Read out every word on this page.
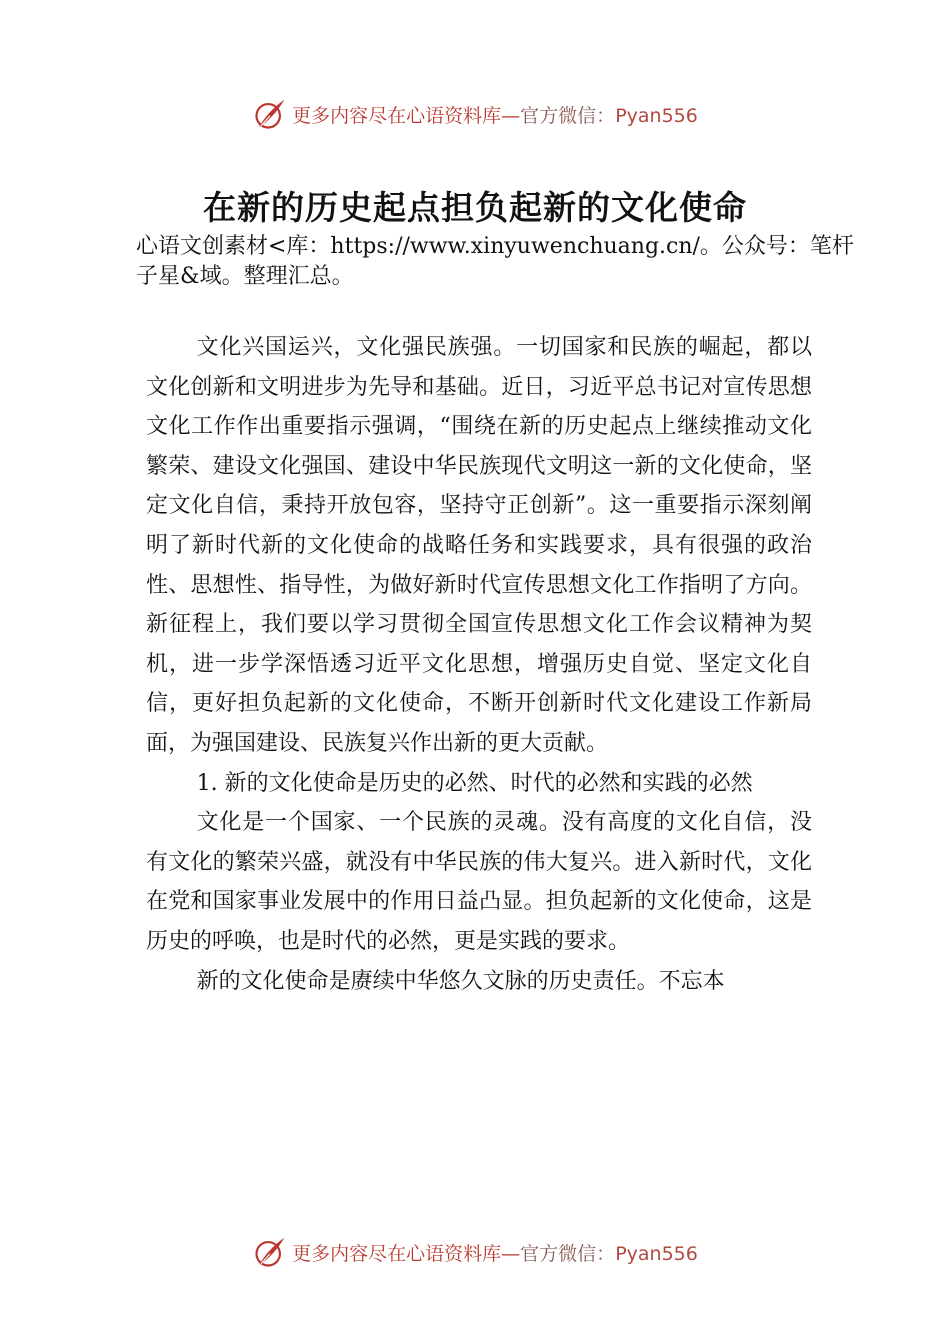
更多内容尽在心语资料库—官方微信：Pyan556
在新的历史起点担负起新的文化使命

心语文创素材<库：https://www.xinyuwenchuang.cn/。公众号：笔杆子星&域。整理汇总。

文化兴国运兴，文化强民族强。一切国家和民族的崛起，都以文化创新和文明进步为先导和基础。近日，习近平总书记对宣传思想文化工作作出重要指示强调，“围绕在新的历史起点上继续推动文化繁荣、建设文化强国、建设中华民族现代文明这一新的文化使命，坚定文化自信，秉持开放包容，坚持守正创新”。这一重要指示深刻阐明了新时代新的文化使命的战略任务和实践要求，具有很强的政治性、思想性、指导性，为做好新时代宣传思想文化工作指明了方向。新征程上，我们要以学习贯彻全国宣传思想文化工作会议精神为契机，进一步学深悟透习近平文化思想，增强历史自觉、坚定文化自信，更好担负起新的文化使命，不断开创新时代文化建设工作新局面，为强国建设、民族复兴作出新的更大贡献。

1. 新的文化使命是历史的必然、时代的必然和实践的必然

文化是一个国家、一个民族的灵魂。没有高度的文化自信，没有文化的繁荣兴盛，就没有中华民族的伟大复兴。进入新时代，文化在党和国家事业发展中的作用日益凸显。担负起新的文化使命，这是历史的呼唤，也是时代的必然，更是实践的要求。

新的文化使命是赓续中华悠久文脉的历史责任。不忘本

更多内容尽在心语资料库—官方微信：Pyan556
